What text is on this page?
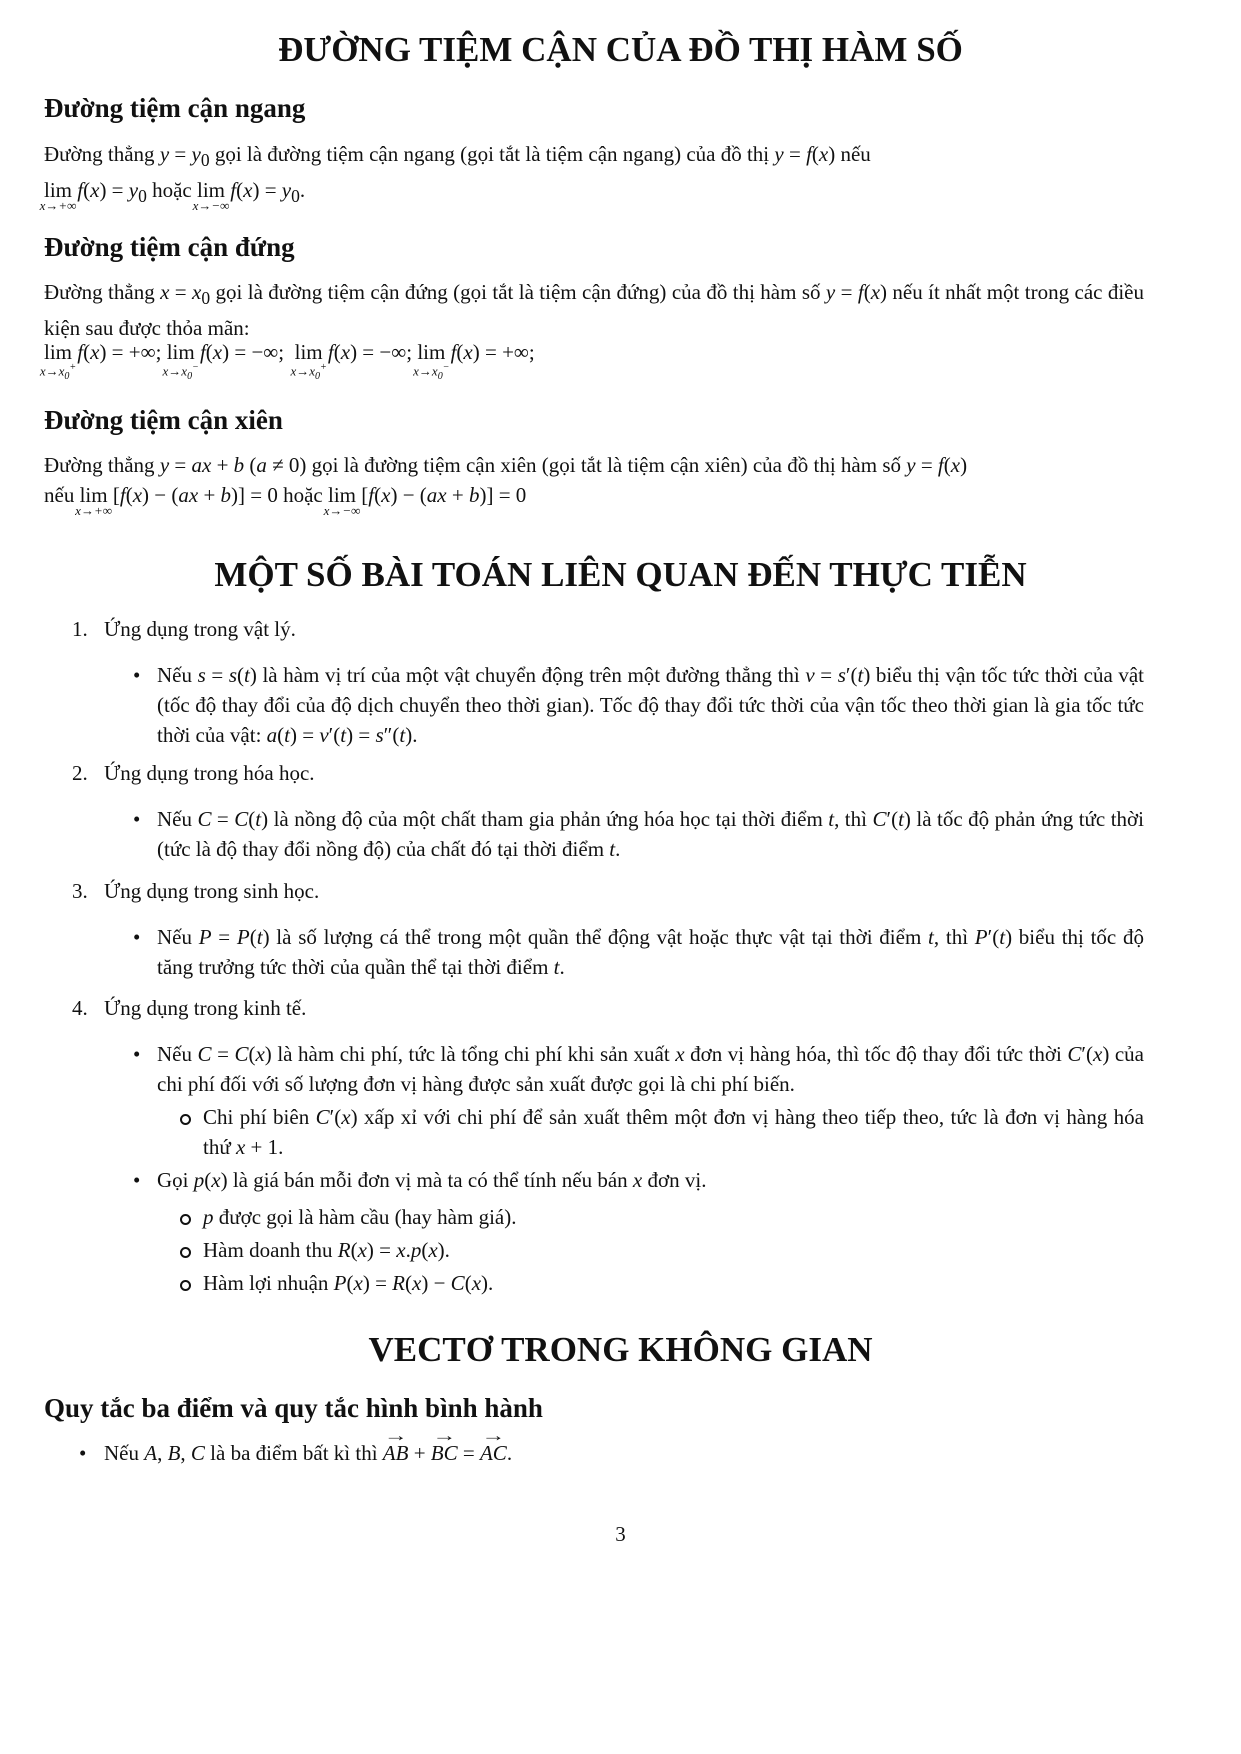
ĐƯỜNG TIỆM CẬN CỦA ĐỒ THỊ HÀM SỐ
Đường tiệm cận ngang
Đường thẳng $y = y_0$ gọi là đường tiệm cận ngang (gọi tắt là tiệm cận ngang) của đồ thị y = f(x) nếu
lim
x→+∞
$f(x) = y_0$ hoặc lim
x→−∞
$f(x) = y_0$.
Đường tiệm cận đứng
Đường thẳng $x = x_0$ gọi là đường tiệm cận đứng (gọi tắt là tiệm cận đứng) của đồ thị hàm số y = f(x) nếu ít nhất một trong các điều kiện sau được thỏa mãn:
lim
$x\to x_0^+$
f(x) = +∞; lim
$x\to x_0^-$
f(x) = −∞;  lim
$x\to x_0^+$
f(x) = −∞; lim
$x\to x_0^-$
f(x) = +∞;
Đường tiệm cận xiên
Đường thẳng y = ax + b (a ≠ 0) gọi là đường tiệm cận xiên (gọi tắt là tiệm cận xiên) của đồ thị hàm số y = f(x)
nếu lim
x→+∞
[f(x) − (ax + b)] = 0 hoặc lim
x→−∞
[f(x) − (ax + b)] = 0
MỘT SỐ BÀI TOÁN LIÊN QUAN ĐẾN THỰC TIỄN
1. Ứng dụng trong vật lý.
• Nếu s = s(t) là hàm vị trí của một vật chuyển động trên một đường thẳng thì v = s′(t) biểu thị vận tốc tức thời của vật (tốc độ thay đổi của độ dịch chuyển theo thời gian). Tốc độ thay đổi tức thời của vận tốc theo thời gian là gia tốc tức thời của vật: a(t) = v′(t) = s″(t).
2. Ứng dụng trong hóa học.
• Nếu C = C(t) là nồng độ của một chất tham gia phản ứng hóa học tại thời điểm t, thì C′(t) là tốc độ phản ứng tức thời (tức là độ thay đổi nồng độ) của chất đó tại thời điểm t.
3. Ứng dụng trong sinh học.
• Nếu P = P(t) là số lượng cá thể trong một quần thể động vật hoặc thực vật tại thời điểm t, thì P′(t) biểu thị tốc độ tăng trưởng tức thời của quần thể tại thời điểm t.
4. Ứng dụng trong kinh tế.
• Nếu C = C(x) là hàm chi phí, tức là tổng chi phí khi sản xuất x đơn vị hàng hóa, thì tốc độ thay đổi tức thời C′(x) của chi phí đối với số lượng đơn vị hàng được sản xuất được gọi là chi phí biến.
Chi phí biên C′(x) xấp xỉ với chi phí để sản xuất thêm một đơn vị hàng theo tiếp theo, tức là đơn vị hàng hóa thứ x + 1.
• Gọi p(x) là giá bán mỗi đơn vị mà ta có thể tính nếu bán x đơn vị.
p được gọi là hàm cầu (hay hàm giá).
Hàm doanh thu R(x) = x.p(x).
Hàm lợi nhuận P(x) = R(x) − C(x).
VECTƠ TRONG KHÔNG GIAN
Quy tắc ba điểm và quy tắc hình bình hành
• Nếu A, B, C là ba điểm bất kì thì → AB + → BC = → AC.
3
